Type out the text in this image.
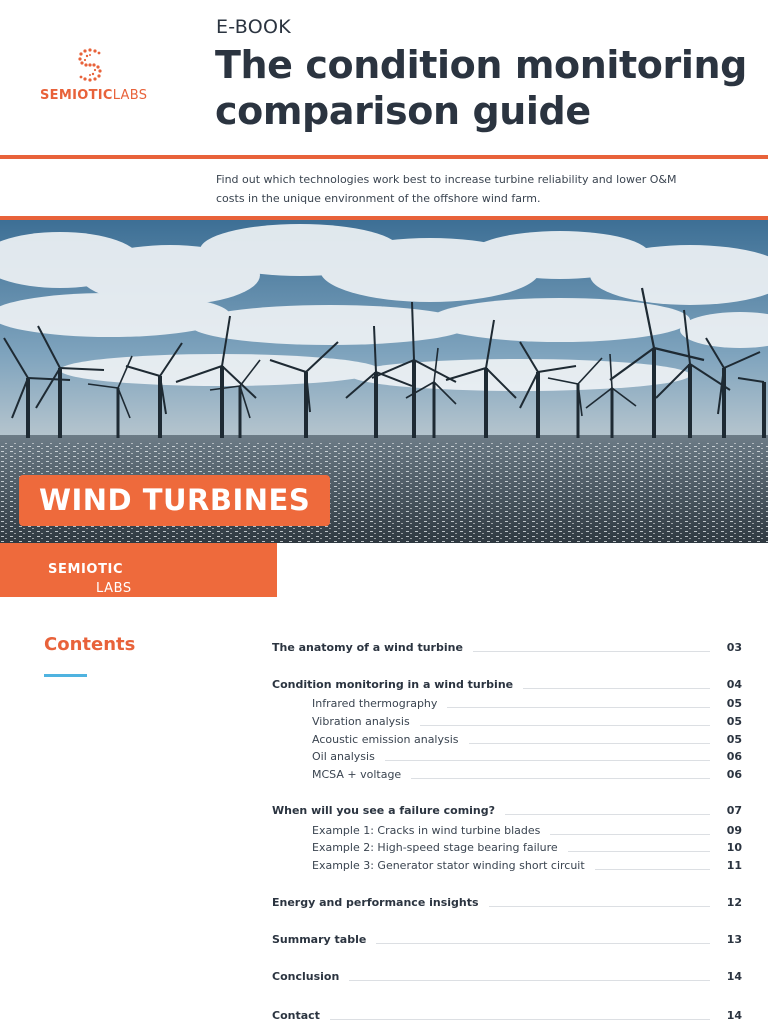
SEMIOTICLABS
E-BOOK
The condition monitoring
comparison guide
Find out which technologies work best to increase turbine reliability and lower O&M costs in the unique environment of the offshore wind farm.
WIND TURBINES
SEMIOTIC
LABS
Contents	The anatomy of a wind turbine	03
Condition monitoring in a wind turbine	04
Infrared thermography	05
Vibration analysis	05
Acoustic emission analysis	05
Oil analysis	06
MCSA + voltage	06
When will you see a failure coming?	07
Example 1: Cracks in wind turbine blades	09
Example 2: High-speed stage bearing failure	10
Example 3: Generator stator winding short circuit	11
Energy and performance insights	12
Summary table	13
Conclusion	14
Contact	14
